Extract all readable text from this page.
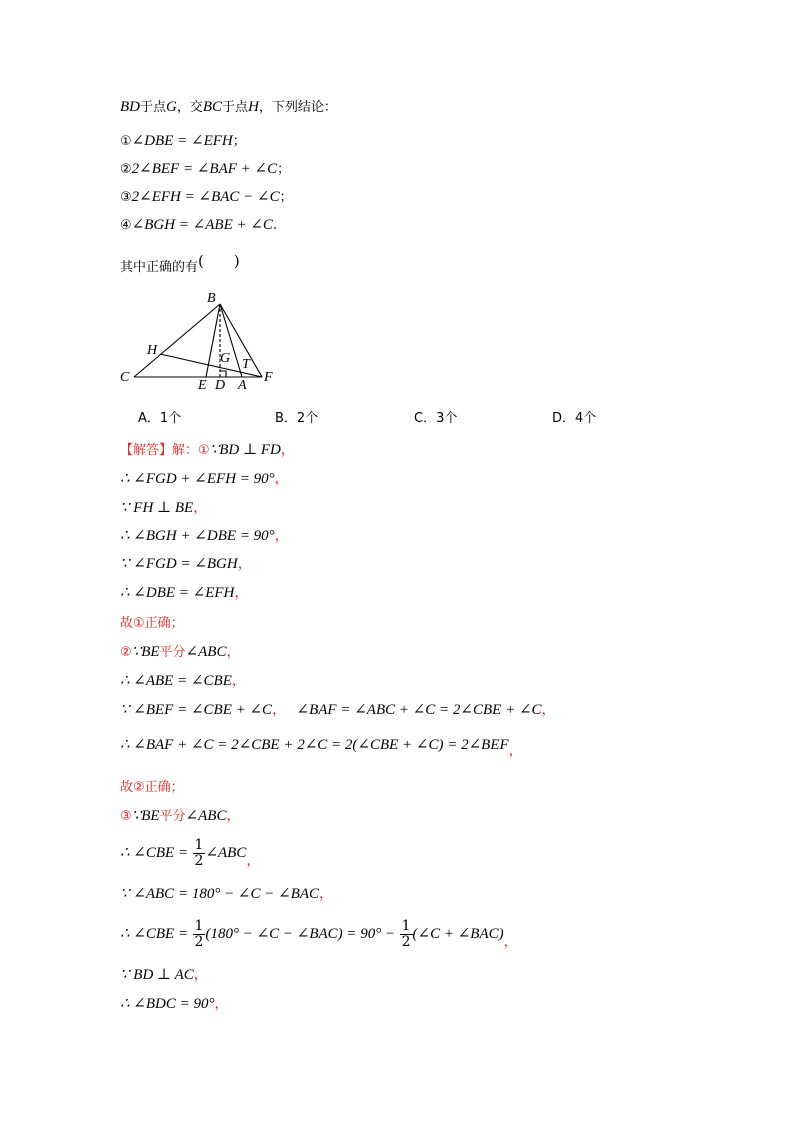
BD于点G，交BC于点H，下列结论：
①∠DBE = ∠EFH；
②2∠BEF = ∠BAF + ∠C；
③2∠EFH = ∠BAC − ∠C；
④∠BGH = ∠ABE + ∠C.
其中正确的有(　　)
B
H
G T
C
E D A
F
A．1个	B．2个	C．3个	D．4个
【解答】解：①∵BD ⊥ FD，
∴ ∠FGD + ∠EFH = 90°，
∵ FH ⊥ BE，
∴ ∠BGH + ∠DBE = 90°，
∵ ∠FGD = ∠BGH，
∴ ∠DBE = ∠EFH，
故①正确；
②∵BE平分∠ABC，
∴ ∠ABE = ∠CBE，
∵ ∠BEF = ∠CBE + ∠C， ∠BAF = ∠ABC + ∠C = 2∠CBE + ∠C，
∴ ∠BAF + ∠C = 2∠CBE + 2∠C = 2(∠CBE + ∠C) = 2∠BEF，
故②正确；
③∵BE平分∠ABC，
∴ ∠CBE = $\frac{1}{2}$ ∠ABC，
∵ ∠ABC = 180° − ∠C − ∠BAC，
∴ ∠CBE = $\frac{1}{2} (180^\circ$ − ∠C − ∠BAC) = $90^\circ - \frac{1}{2}$ (∠C + ∠BAC)，
∵ BD ⊥ AC，
∴ ∠BDC = 90°，
